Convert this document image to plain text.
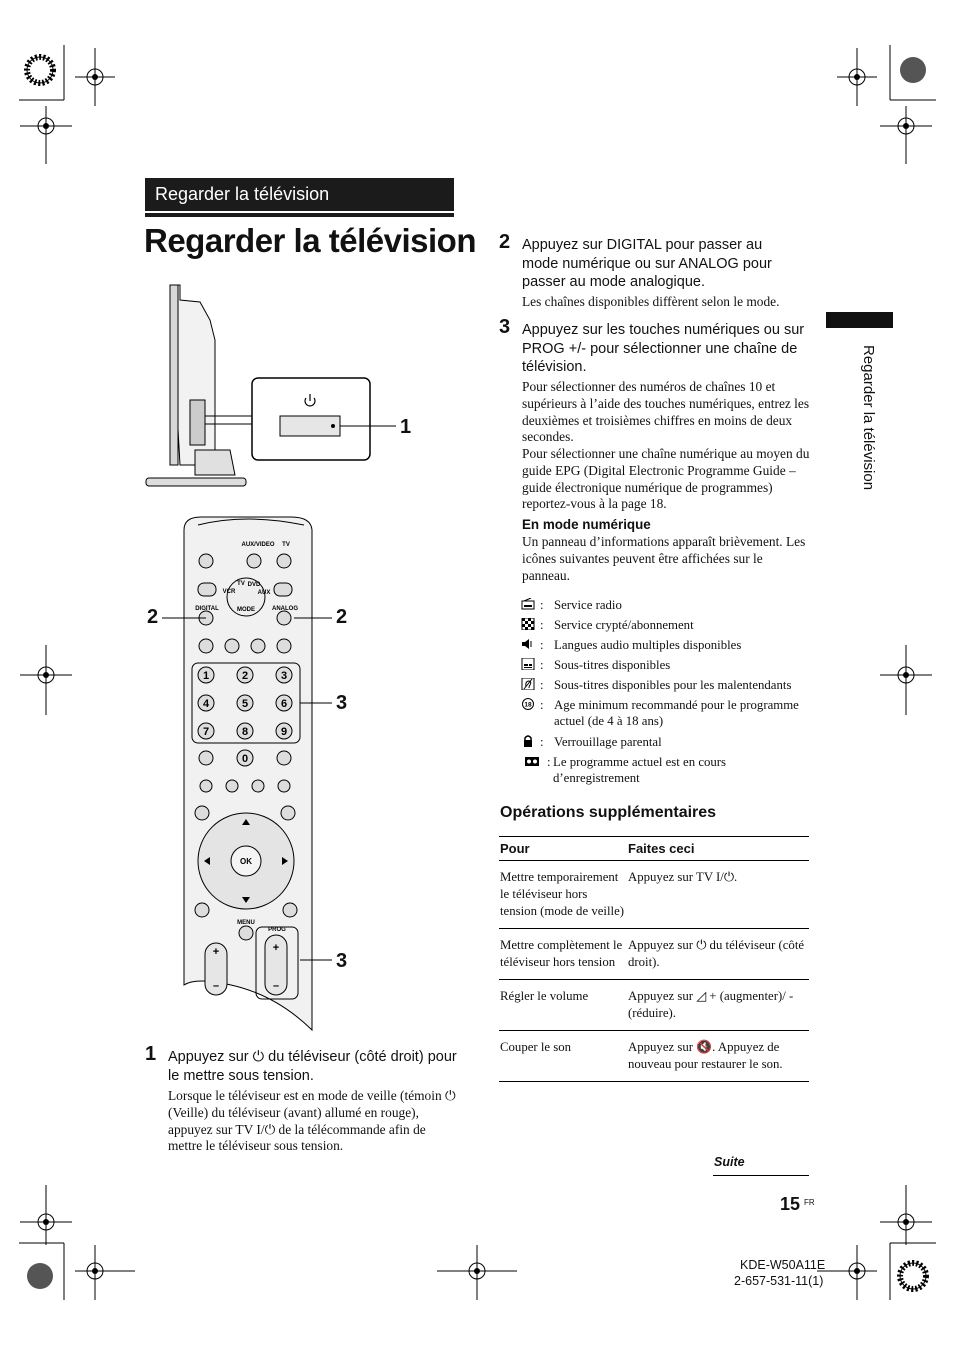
Regarder la télévision
Regarder la télévision
1
AUX/VIDEO TV
DIGITAL	ANALOG
MODE
VCR
TV DVD
AUX
OK
MENU
PROG
1	2	3
4	5	6
7	8	9
0
+
–
+
–
2	2
3
3
1 Appuyez sur ⏻ du téléviseur (côté droit) pour le mettre sous tension.
Lorsque le téléviseur est en mode de veille (témoin ⏻ (Veille) du téléviseur (avant) allumé en rouge), appuyez sur TV I/⏻ de la télécommande afin de mettre le téléviseur sous tension.
2 Appuyez sur DIGITAL pour passer au mode numérique ou sur ANALOG pour passer au mode analogique.
Les chaînes disponibles diffèrent selon le mode.
3 Appuyez sur les touches numériques ou sur PROG +/- pour sélectionner une chaîne de télévision.
Pour sélectionner des numéros de chaînes 10 et supérieurs à l’aide des touches numériques, entrez les deuxièmes et troisièmes chiffres en moins de deux secondes.
Pour sélectionner une chaîne numérique au moyen du guide EPG (Digital Electronic Programme Guide – guide électronique numérique de programmes) reportez-vous à la page 18.
En mode numérique
Un panneau d’informations apparaît brièvement. Les icônes suivantes peuvent être affichées sur le panneau.
: Service radio
: Service crypté/abonnement
: Langues audio multiples disponibles
: Sous-titres disponibles
: Sous-titres disponibles pour les malentendants
18 : Age minimum recommandé pour le programme actuel (de 4 à 18 ans)
: Verrouillage parental
: Le programme actuel est en cours d’enregistrement
Opérations supplémentaires
Pour	Faites ceci
Mettre temporairement le téléviseur hors tension (mode de veille)	Appuyez sur TV I/⏻.
Mettre complètement le téléviseur hors tension	Appuyez sur ⏻ du téléviseur (côté droit).
Régler le volume	Appuyez sur ◿ + (augmenter)/ - (réduire).
Couper le son	Appuyez sur 🔇. Appuyez de nouveau pour restaurer le son.
Regarder la télévision
Suite
15 FR
KDE-W50A11E
2-657-531-11(1)
